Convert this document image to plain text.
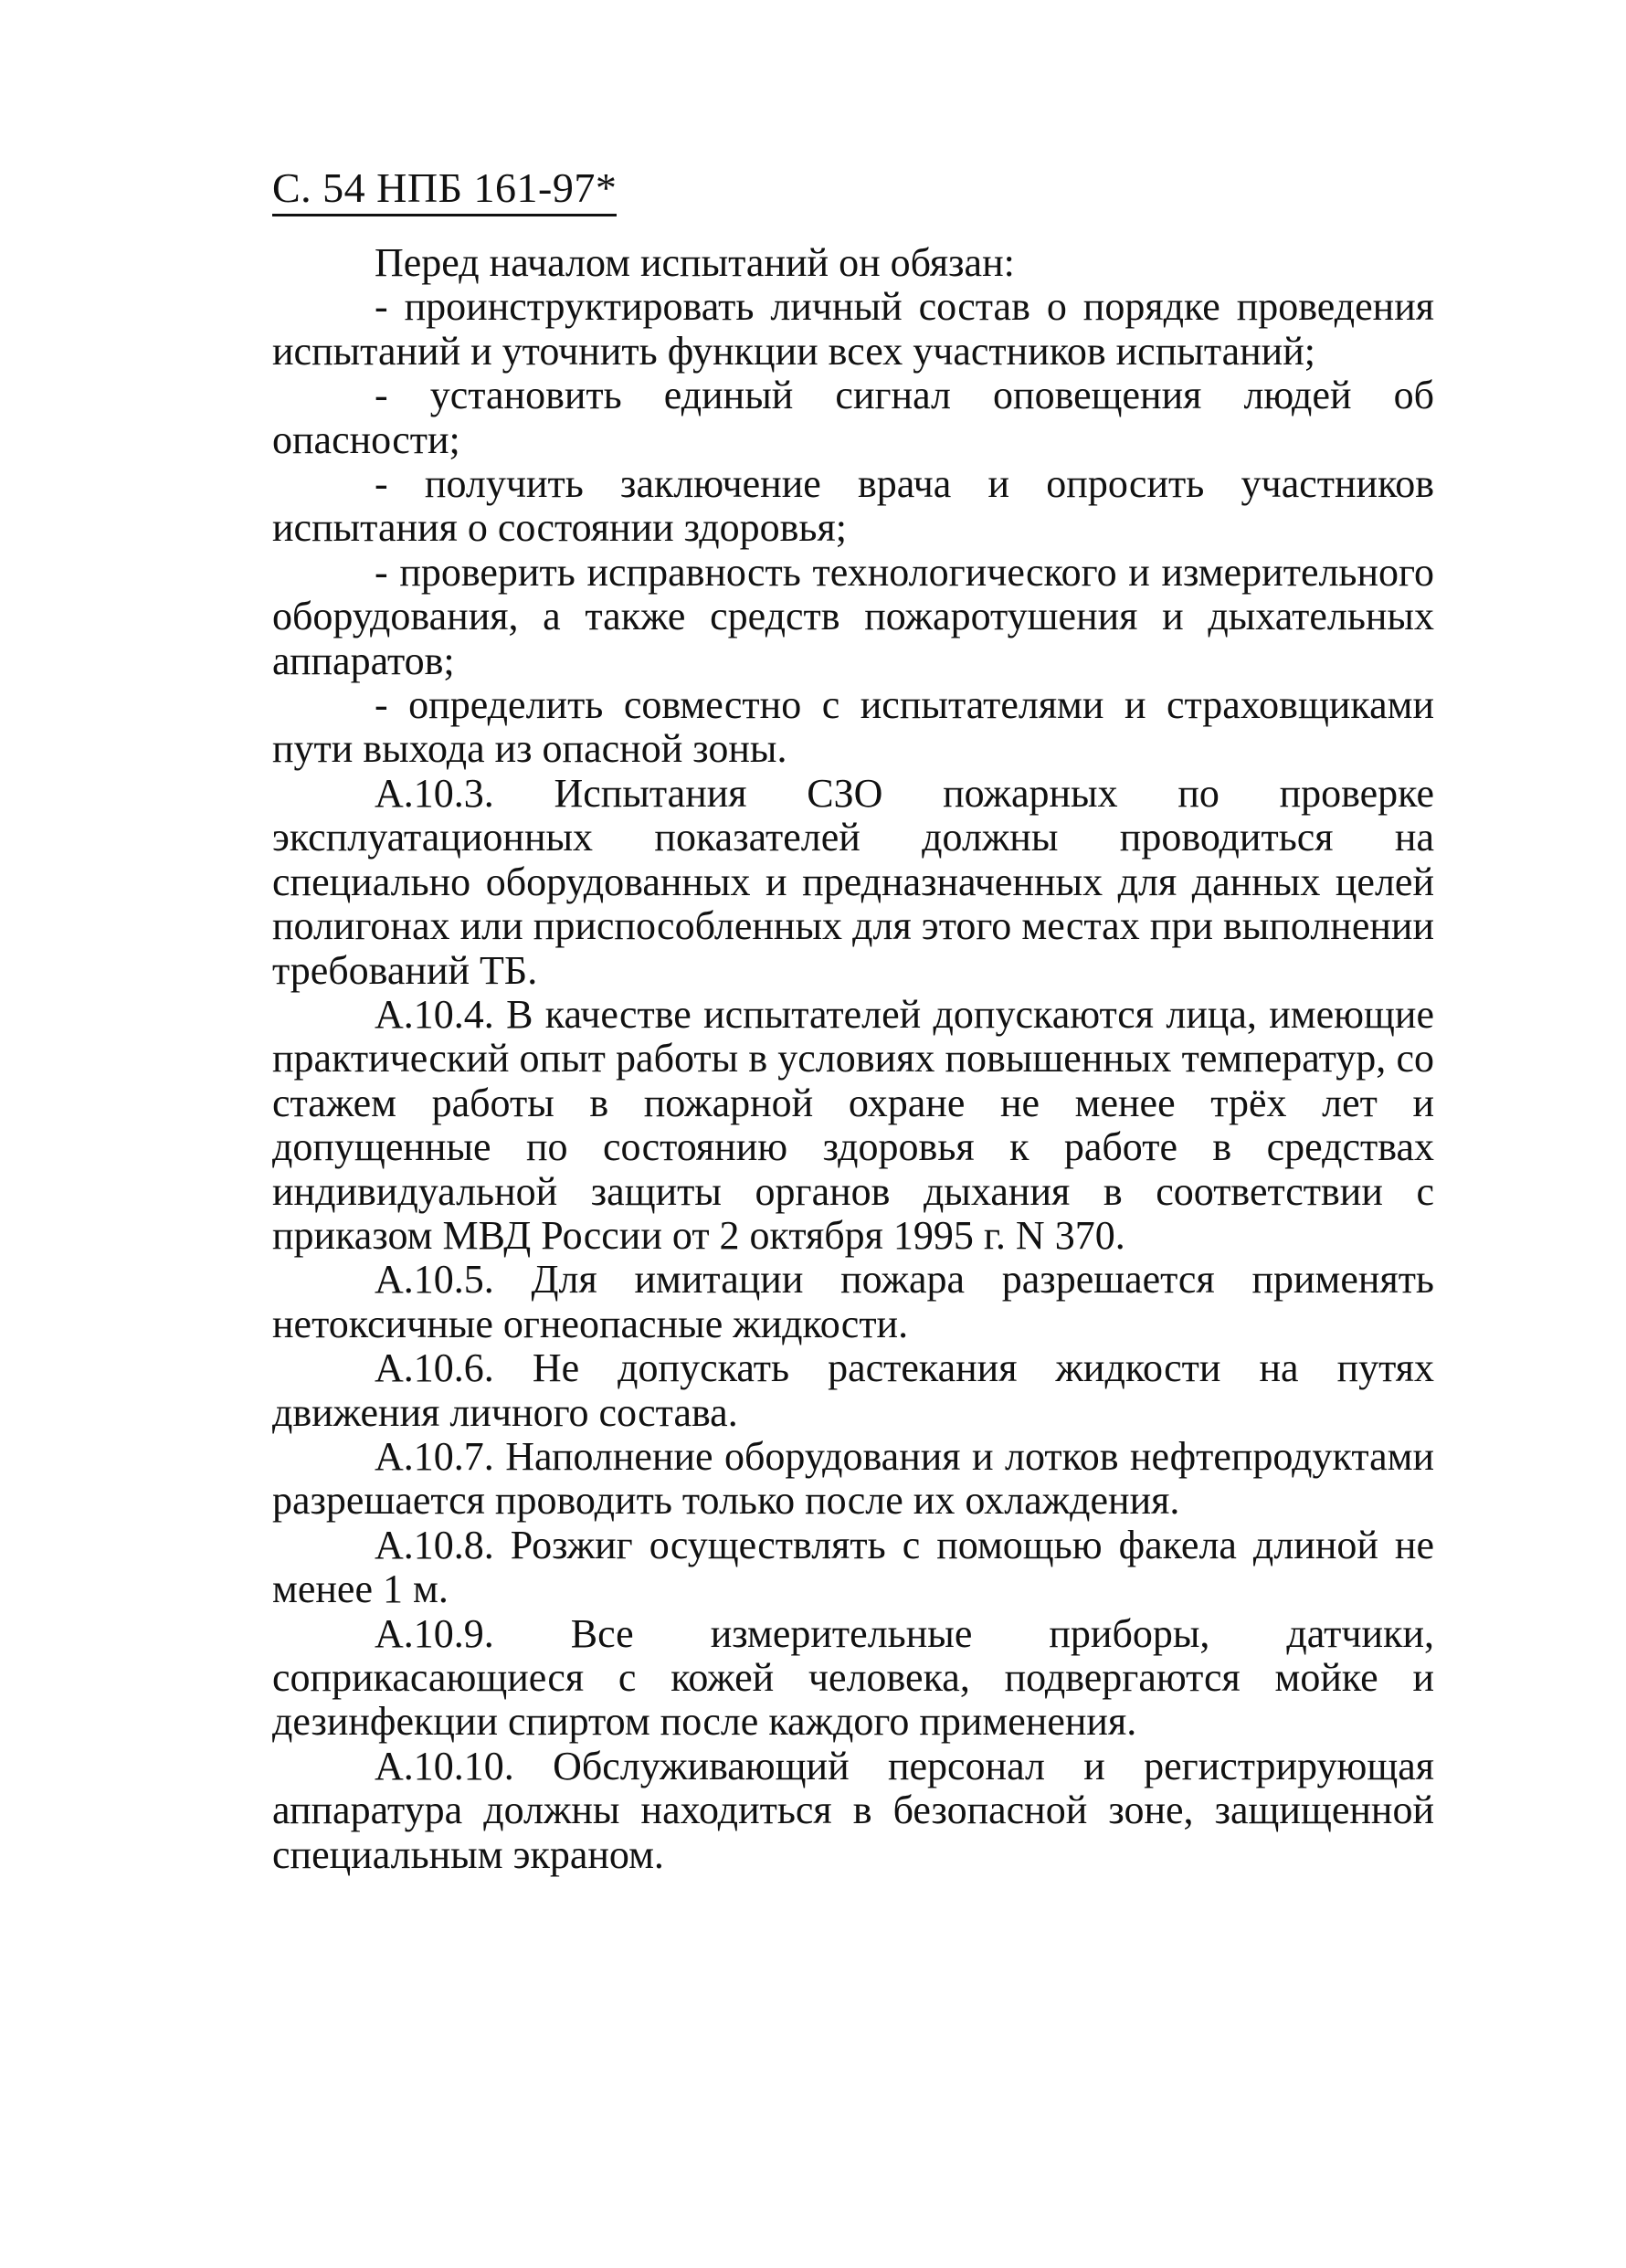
С. 54 НПБ 161-97*

Перед началом испытаний он обязан:

- проинструктировать личный состав о порядке проведения испытаний и уточнить функции всех участников испытаний;

- установить единый сигнал оповещения людей об опасности;

- получить заключение врача и опросить участников испытания о состоянии здоровья;

- проверить исправность технологического и измерительного оборудования, а также средств пожаротушения и дыхательных аппаратов;

- определить совместно с испытателями и страховщиками пути выхода из опасной зоны.

А.10.3. Испытания СЗО пожарных по проверке эксплуатационных показателей должны проводиться на специально оборудованных и предназначенных для данных целей полигонах или приспособленных для этого местах при выполнении требований ТБ.

А.10.4. В качестве испытателей допускаются лица, имеющие практический опыт работы в условиях повышенных температур, со стажем работы в пожарной охране не менее трёх лет и допущенные по состоянию здоровья к работе в средствах индивидуальной защиты органов дыхания в соответствии с приказом МВД России от 2 октября 1995 г. N 370.

А.10.5. Для имитации пожара разрешается применять нетоксичные огнеопасные жидкости.

А.10.6. Не допускать растекания жидкости на путях движения личного состава.

А.10.7. Наполнение оборудования и лотков нефтепродуктами разрешается проводить только после их охлаждения.

А.10.8. Розжиг осуществлять с помощью факела длиной не менее 1 м.

А.10.9. Все измерительные приборы, датчики, соприкасающиеся с кожей человека, подвергаются мойке и дезинфекции спиртом после каждого применения.

А.10.10. Обслуживающий персонал и регистрирующая аппаратура должны находиться в безопасной зоне, защищенной специальным экраном.
